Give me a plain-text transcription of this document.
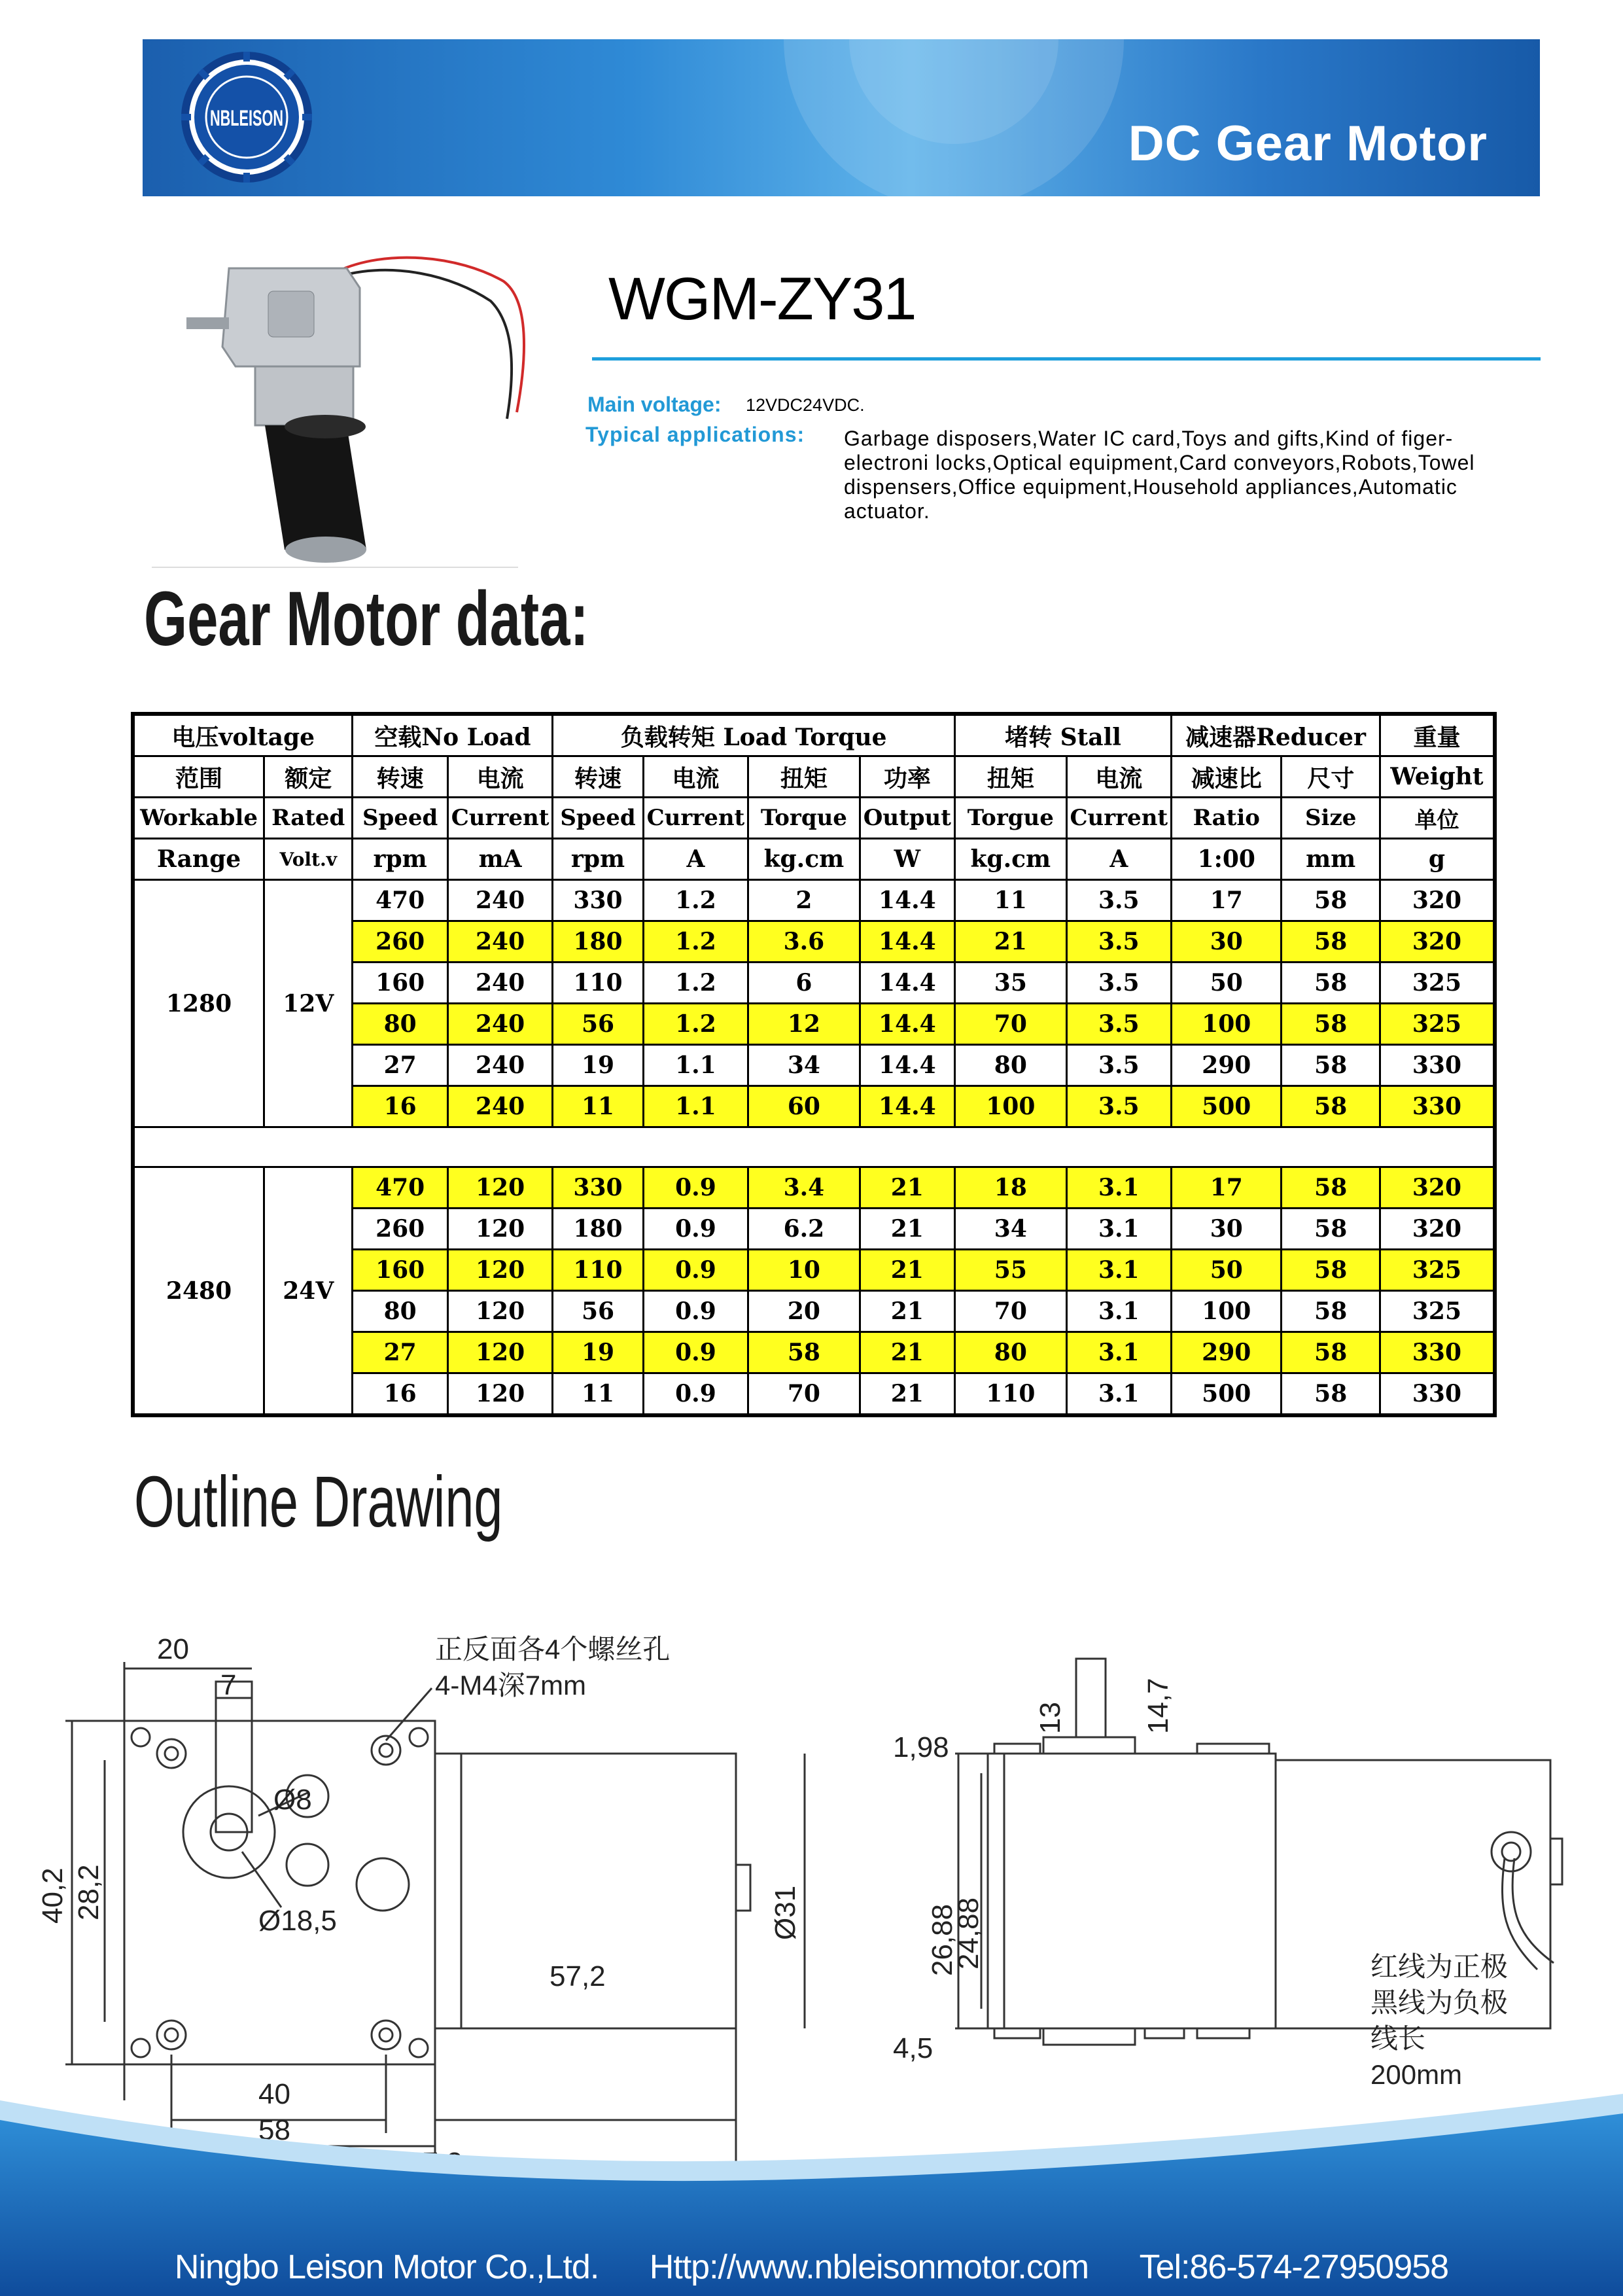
NBLEISON	DC Gear Motor
WGM-ZY31
Main voltage: 12VDC24VDC.
Typical applications: Garbage disposers,Water IC card,Toys and gifts,Kind of figer-electroni locks,Optical equipment,Card conveyors,Robots,Towel dispensers,Office equipment,Household appliances,Automatic actuator.
Gear Motor data:
电压voltage		空载No Load		负载转矩 Load Torque				堵转 Stall		减速器Reducer		重量
范围	额定	转速	电流	转速	电流	扭矩	功率	扭矩	电流	减速比	尺寸	Weight
Workable	Rated	Speed	Current	Speed	Current	Torque	Output	Torgue	Current	Ratio	Size	单位
Range	Volt.v	rpm	mA	rpm	A	kg.cm	W	kg.cm	A	1:00	mm	g
1280	12V	470	240	330	1.2	2	14.4	11	3.5	17	58	320
		260	240	180	1.2	3.6	14.4	21	3.5	30	58	320
		160	240	110	1.2	6	14.4	35	3.5	50	58	325
		80	240	56	1.2	12	14.4	70	3.5	100	58	325
		27	240	19	1.1	34	14.4	80	3.5	290	58	330
		16	240	11	1.1	60	14.4	100	3.5	500	58	330

2480	24V	470	120	330	0.9	3.4	21	18	3.1	17	58	320
		260	120	180	0.9	6.2	21	34	3.1	30	58	320
		160	120	110	0.9	10	21	55	3.1	50	58	325
		80	120	56	0.9	20	21	70	3.1	100	58	325
		27	120	19	0.9	58	21	80	3.1	290	58	330
		16	120	11	0.9	70	21	110	3.1	500	58	330
Outline Drawing
20
7
Ø8
Ø18,5
40
58
57,2
正反面各4个螺丝孔
4-M4深7mm
40,2 28,2	Ø31
13	14,7
1,98
26,88
24,88
4,5
红线为正极
黑线为负极
线长
200mm
Ningbo Leison Motor Co.,Ltd. Http://www.nbleisonmotor.com Tel:86-574-27950958
